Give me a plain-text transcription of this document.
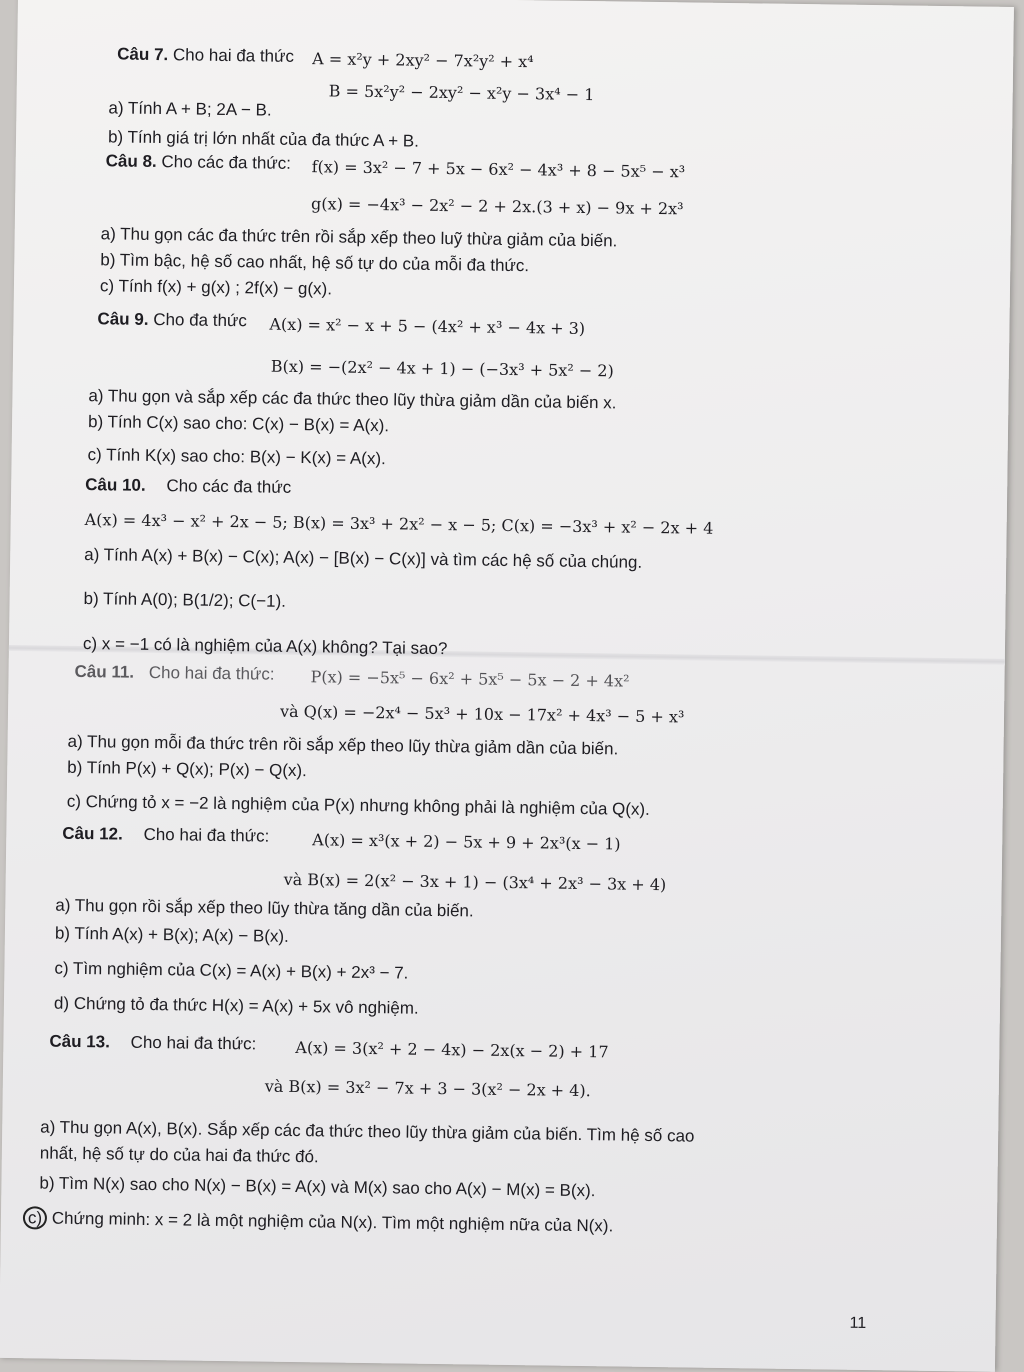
Câu 7. Cho hai đa thức A = x²y + 2xy² − 7x²y² + x⁴
B = 5x²y² − 2xy² − x²y − 3x⁴ − 1
a) Tính A + B; 2A − B.
b) Tính giá trị lớn nhất của đa thức A + B.
Câu 8. Cho các đa thức: f(x) = 3x² − 7 + 5x − 6x² − 4x³ + 8 − 5x⁵ − x³
g(x) = −4x³ − 2x² − 2 + 2x.(3 + x) − 9x + 2x³
a) Thu gọn các đa thức trên rồi sắp xếp theo luỹ thừa giảm của biến.
b) Tìm bậc, hệ số cao nhất, hệ số tự do của mỗi đa thức.
c) Tính f(x) + g(x) ; 2f(x) − g(x).
Câu 9. Cho đa thức A(x) = x² − x + 5 − (4x² + x³ − 4x + 3)
B(x) = −(2x² − 4x + 1) − (−3x³ + 5x² − 2)
a) Thu gọn và sắp xếp các đa thức theo lũy thừa giảm dần của biến x.
b) Tính C(x) sao cho: C(x) − B(x) = A(x).
c) Tính K(x) sao cho: B(x) − K(x) = A(x).
Câu 10. Cho các đa thức
A(x) = 4x³ − x² + 2x − 5; B(x) = 3x³ + 2x² − x − 5; C(x) = −3x³ + x² − 2x + 4
a) Tính A(x) + B(x) − C(x); A(x) − [B(x) − C(x)] và tìm các hệ số của chúng.
b) Tính A(0); B(1/2); C(−1).
c) x = −1 có là nghiệm của A(x) không? Tại sao?
Câu 11. Cho hai đa thức: P(x) = −5x⁵ − 6x² + 5x⁵ − 5x − 2 + 4x²
và Q(x) = −2x⁴ − 5x³ + 10x − 17x² + 4x³ − 5 + x³
a) Thu gọn mỗi đa thức trên rồi sắp xếp theo lũy thừa giảm dần của biến.
b) Tính P(x) + Q(x); P(x) − Q(x).
c) Chứng tỏ x = −2 là nghiệm của P(x) nhưng không phải là nghiệm của Q(x).
Câu 12. Cho hai đa thức:	A(x) = x³(x + 2) − 5x + 9 + 2x³(x − 1)
và B(x) = 2(x² − 3x + 1) − (3x⁴ + 2x³ − 3x + 4)
a) Thu gọn rồi sắp xếp theo lũy thừa tăng dần của biến.
b) Tính A(x) + B(x); A(x) − B(x).
c) Tìm nghiệm của C(x) = A(x) + B(x) + 2x³ − 7.
d) Chứng tỏ đa thức H(x) = A(x) + 5x vô nghiệm.
Câu 13. Cho hai đa thức: A(x) = 3(x² + 2 − 4x) − 2x(x − 2) + 17
và B(x) = 3x² − 7x + 3 − 3(x² − 2x + 4).
a) Thu gọn A(x), B(x). Sắp xếp các đa thức theo lũy thừa giảm của biến. Tìm hệ số cao
nhất, hệ số tự do của hai đa thức đó.
b) Tìm N(x) sao cho N(x) − B(x) = A(x) và M(x) sao cho A(x) − M(x) = B(x).
c) Chứng minh: x = 2 là một nghiệm của N(x). Tìm một nghiệm nữa của N(x).
11
